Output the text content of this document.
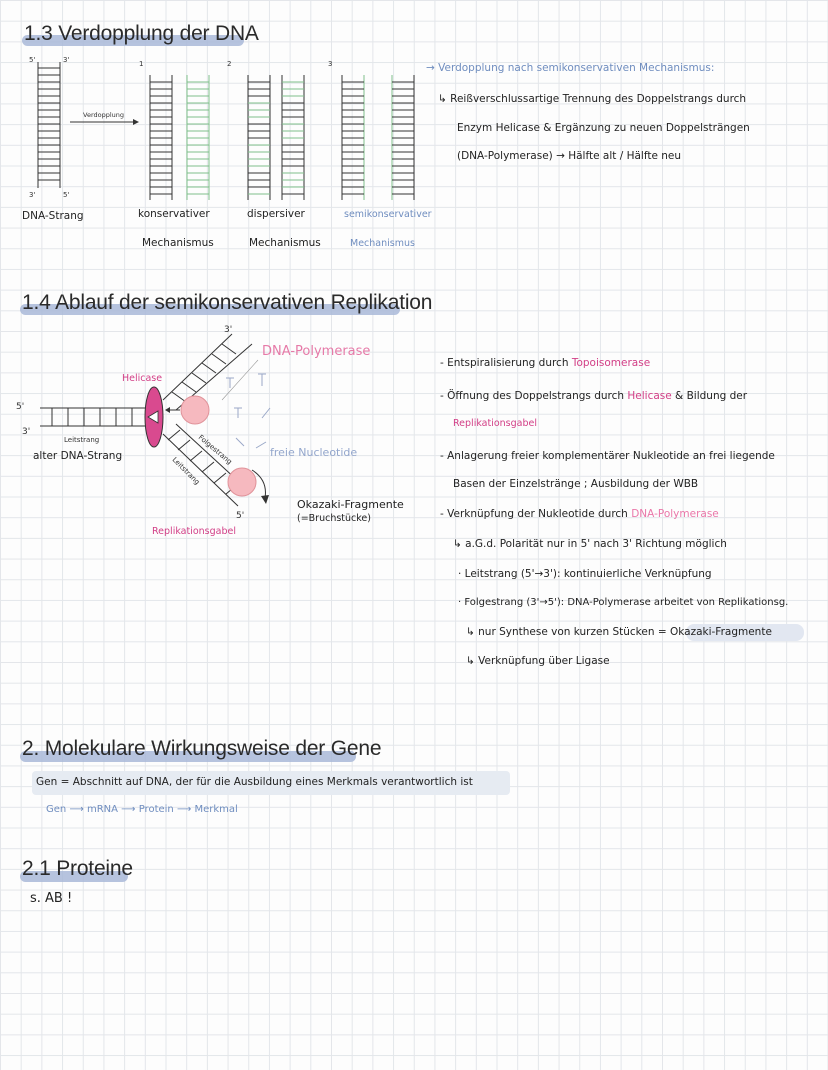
1.3 Verdopplung der DNA
5'	3'
3'	5'
Verdopplung
1	2	3
DNA-Strang	konservativer
Mechanismus
dispersiver
Mechanismus
semikonservativer
Mechanismus
→ Verdopplung nach semikonservativen Mechanismus:
↳ Reißverschlussartige Trennung des Doppelstrangs durch
Enzym Helicase & Ergänzung zu neuen Doppelsträngen
(DNA-Polymerase) → Hälfte alt / Hälfte neu
1.4 Ablauf der semikonservativen Replikation
3'
5'
3'
5'
Leitstrang	Folgestrang
Leitstrang
Helicase
DNA-Polymerase
freie Nucleotide
alter DNA-Strang
Okazaki-Fragmente
(=Bruchstücke)
Replikationsgabel
- Entspiralisierung durch Topoisomerase
- Öffnung des Doppelstrangs durch Helicase & Bildung der
Replikationsgabel
- Anlagerung freier komplementärer Nukleotide an frei liegende
Basen der Einzelstränge ; Ausbildung der WBB
- Verknüpfung der Nukleotide durch DNA-Polymerase
↳ a.G.d. Polarität nur in 5' nach 3' Richtung möglich
· Leitstrang (5'→3'): kontinuierliche Verknüpfung
· Folgestrang (3'→5'): DNA-Polymerase arbeitet von Replikationsg.
↳ nur Synthese von kurzen Stücken = Okazaki-Fragmente
↳ Verknüpfung über Ligase
2. Molekulare Wirkungsweise der Gene
Gen = Abschnitt auf DNA, der für die Ausbildung eines Merkmals verantwortlich ist
Gen ⟶ mRNA ⟶ Protein ⟶ Merkmal
2.1 Proteine
s. AB !
